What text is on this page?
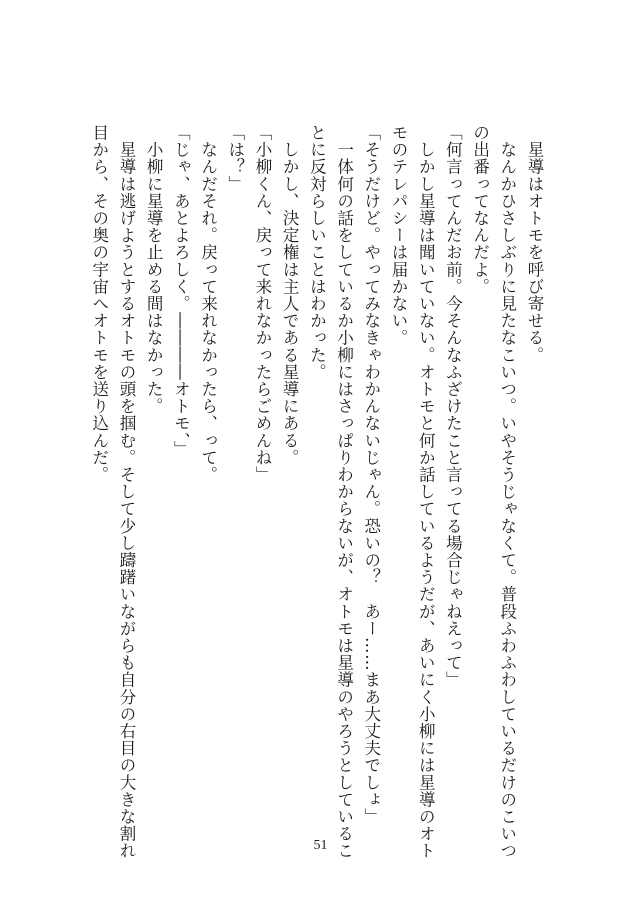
　星導はオトモを呼び寄せる。

　なんかひさしぶりに見たなこいつ。いやそうじゃなくて。普段ふわふわしているだけのこいつ

の出番ってなんだよ。

「何言ってんだお前。今そんなふざけたこと言ってる場合じゃねえって」

　しかし星導は聞いていない。オトモと何か話しているようだが、あいにく小柳には星導のオト

モのテレパシーは届かない。

「そうだけど。やってみなきゃわかんないじゃん。恐いの？　あー……まあ大丈夫でしょ」

　一体何の話をしているか小柳にはさっぱりわからないが、オトモは星導のやろうとしているこ

とに反対らしいことはわかった。

　しかし、決定権は主人である星導にある。

「小柳くん、戻って来れなかったらごめんね」

「は？」

　なんだそれ。戻って来れなかったら、って。

「じゃ、あとよろしく。――――オトモ、」

　小柳に星導を止める間はなかった。

　星導は逃げようとするオトモの頭を掴む。そして少し躊躇いながらも自分の右目の大きな割れ

目から、その奥の宇宙へオトモを送り込んだ。

51
